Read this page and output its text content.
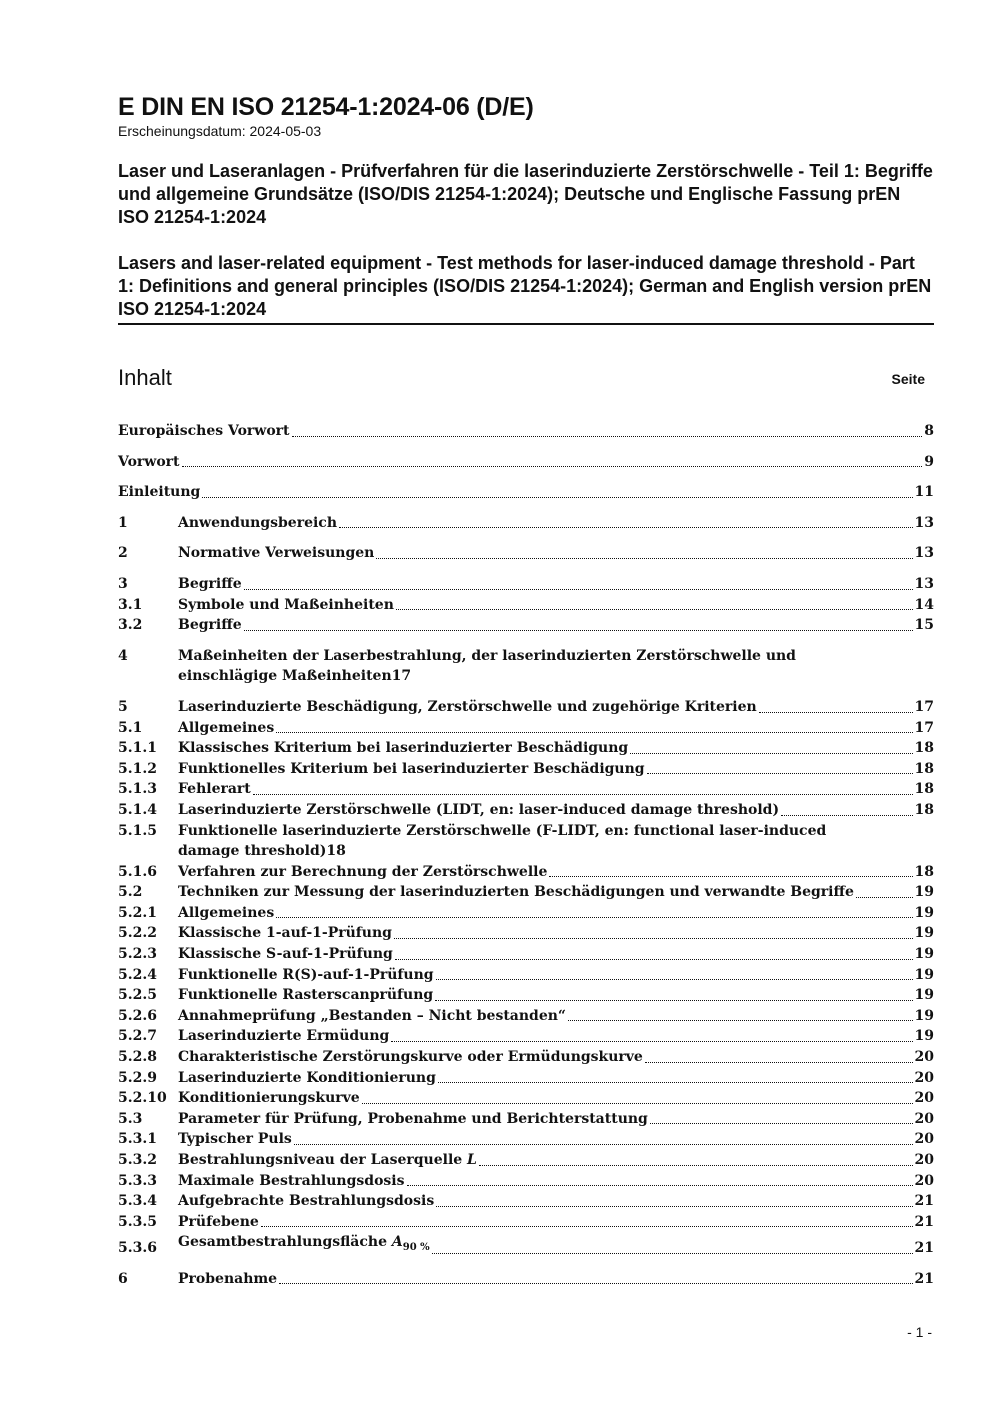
E DIN EN ISO 21254-1:2024-06 (D/E)

Erscheinungsdatum: 2024-05-03

Laser und Laseranlagen - Prüfverfahren für die laserinduzierte Zerstörschwelle - Teil 1: Begriffe und allgemeine Grundsätze (ISO/DIS 21254-1:2024); Deutsche und Englische Fassung prEN ISO 21254-1:2024

Lasers and laser-related equipment - Test methods for laser-induced damage threshold - Part 1: Definitions and general principles (ISO/DIS 21254-1:2024); German and English version prEN ISO 21254-1:2024

Inhalt	Seite
Europäisches Vorwort	8
Vorwort	9
Einleitung	11
1	Anwendungsbereich	13
2	Normative Verweisungen	13
3	Begriffe	13
3.1	Symbole und Maßeinheiten	14
3.2	Begriffe	15
4	Maßeinheiten der Laserbestrahlung, der laserinduzierten Zerstörschwelle und
einschlägige Maßeinheiten 17
5	Laserinduzierte Beschädigung, Zerstörschwelle und zugehörige Kriterien	17
5.1	Allgemeines	17
5.1.1	Klassisches Kriterium bei laserinduzierter Beschädigung	18
5.1.2	Funktionelles Kriterium bei laserinduzierter Beschädigung	18
5.1.3	Fehlerart	18
5.1.4	Laserinduzierte Zerstörschwelle (LIDT, en: laser-induced damage threshold)	18
5.1.5	Funktionelle laserinduzierte Zerstörschwelle (F-LIDT, en: functional laser-induced
damage threshold) 18
5.1.6	Verfahren zur Berechnung der Zerstörschwelle	18
5.2	Techniken zur Messung der laserinduzierten Beschädigungen und verwandte Begriffe	19
5.2.1	Allgemeines	19
5.2.2	Klassische 1-auf-1-Prüfung	19
5.2.3	Klassische S-auf-1-Prüfung	19
5.2.4	Funktionelle R(S)-auf-1-Prüfung	19
5.2.5	Funktionelle Rasterscanprüfung	19
5.2.6	Annahmeprüfung „Bestanden – Nicht bestanden“	19
5.2.7	Laserinduzierte Ermüdung	19
5.2.8	Charakteristische Zerstörungskurve oder Ermüdungskurve	20
5.2.9	Laserinduzierte Konditionierung	20
5.2.10 Konditionierungskurve	20
5.3	Parameter für Prüfung, Probenahme und Berichterstattung	20
5.3.1	Typischer Puls	20
5.3.2	Bestrahlungsniveau der Laserquelle L	20
5.3.3	Maximale Bestrahlungsdosis	20
5.3.4	Aufgebrachte Bestrahlungsdosis	21
5.3.5	Prüfebene	21
5.3.6	Gesamtbestrahlungsfläche $A_{90 \%}$	21
6	Probenahme	21
- 1 -
